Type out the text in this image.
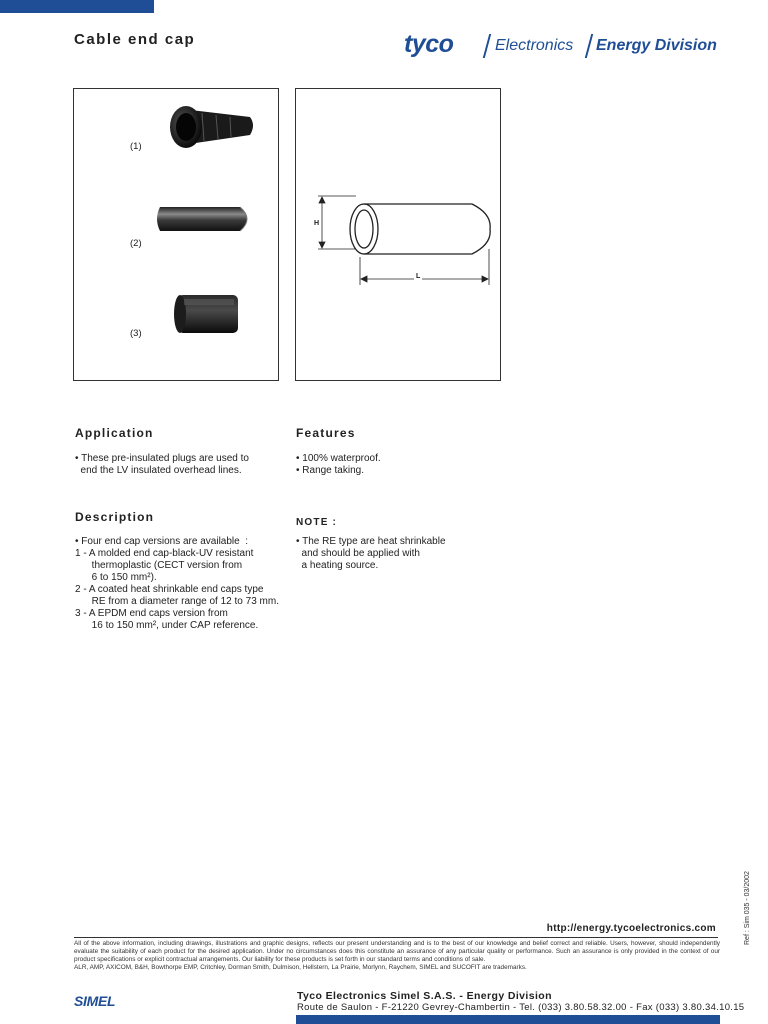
Cable end cap	tyco	Electronics Energy Division
(1)
(2)
(3)
H
L
Application
• These pre-insulated plugs are used to
end the LV insulated overhead lines.
Features
• 100% waterproof.
• Range taking.
Description
• Four end cap versions are available  :
1 - A molded end cap-black-UV resistant
thermoplastic (CECT version from
6 to 150 mm²).
2 - A coated heat shrinkable end caps type
RE from a diameter range of 12 to 73 mm.
3 - A EPDM end caps version from
16 to 150 mm², under CAP reference.
NOTE :
• The RE type are heat shrinkable
and should be applied with
a heating source.
http://energy.tycoelectronics.com
All of the above information, including drawings, illustrations and graphic designs, reflects our present understanding and is to the best of our knowledge and belief correct and reliable. Users, however, should independently evaluate the suitability of each product for the desired application. Under no circumstances does this constitute an assurance of any particular quality or performance. Such an assurance is only provided in the context of our product specifications or explicit contractual arrangements. Our liability for these products is set forth in our standard terms and conditions of sale.
ALR, AMP, AXICOM, B&H, Bowthorpe EMP, Critchley, Dorman Smith, Dulmison, Hellstern, La Prairie, Morlynn, Raychem, SIMEL and SUCOFIT are trademarks.
SIMEL	Tyco Electronics Simel S.A.S. - Energy Division
Route de Saulon - F-21220 Gevrey-Chambertin - Tel. (033) 3.80.58.32.00 - Fax (033) 3.80.34.10.15
Ref : Sim 035 - 03/2002
